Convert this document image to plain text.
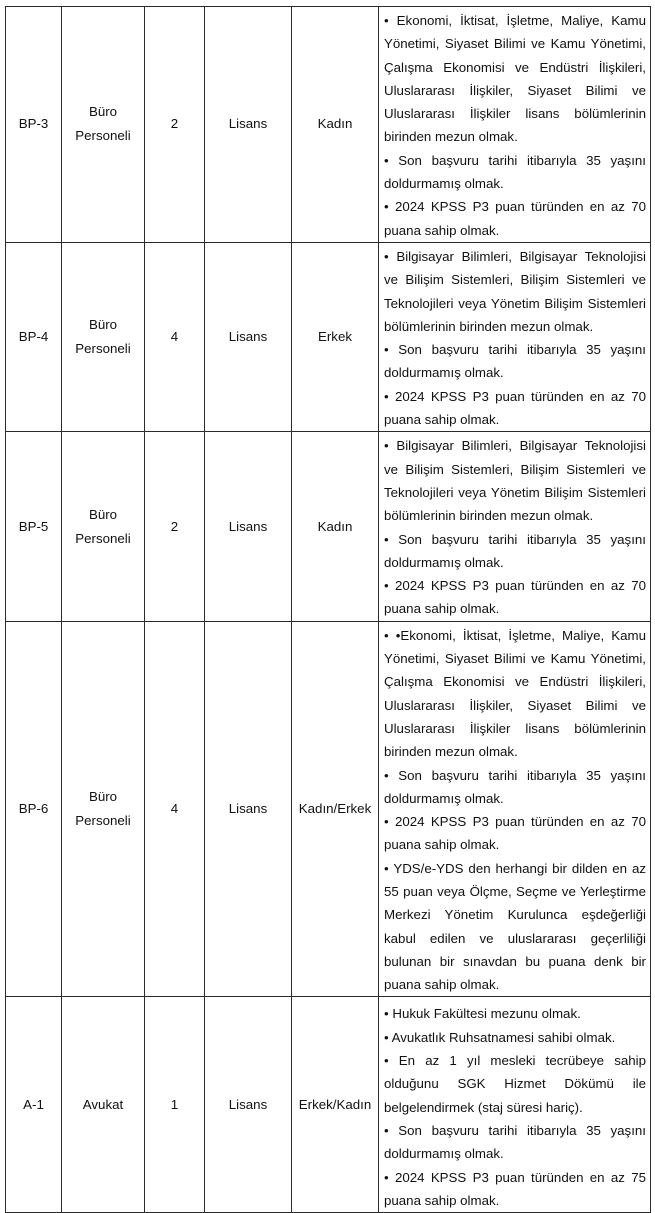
BP-3	Büro
Personeli	2	Lisans	Kadın	• Ekonomi, İktisat, İşletme, Maliye, Kamu Yönetimi, Siyaset Bilimi ve Kamu Yönetimi, Çalışma Ekonomisi ve Endüstri İlişkileri, Uluslararası İlişkiler, Siyaset Bilimi ve Uluslararası İlişkiler lisans bölümlerinin birinden mezun olmak.
• Son başvuru tarihi itibarıyla 35 yaşını doldurmamış olmak.
• 2024 KPSS P3 puan türünden en az 70 puana sahip olmak.

BP-4	Büro
Personeli	4	Lisans	Erkek	• Bilgisayar Bilimleri, Bilgisayar Teknolojisi ve Bilişim Sistemleri, Bilişim Sistemleri ve Teknolojileri veya Yönetim Bilişim Sistemleri bölümlerinin birinden mezun olmak.
• Son başvuru tarihi itibarıyla 35 yaşını doldurmamış olmak.
• 2024 KPSS P3 puan türünden en az 70 puana sahip olmak.

BP-5	Büro
Personeli	2	Lisans	Kadın	• Bilgisayar Bilimleri, Bilgisayar Teknolojisi ve Bilişim Sistemleri, Bilişim Sistemleri ve Teknolojileri veya Yönetim Bilişim Sistemleri bölümlerinin birinden mezun olmak.
• Son başvuru tarihi itibarıyla 35 yaşını doldurmamış olmak.
• 2024 KPSS P3 puan türünden en az 70 puana sahip olmak.

BP-6	Büro
Personeli	4	Lisans	Kadın/Erkek	• •Ekonomi, İktisat, İşletme, Maliye, Kamu Yönetimi, Siyaset Bilimi ve Kamu Yönetimi, Çalışma Ekonomisi ve Endüstri İlişkileri, Uluslararası İlişkiler, Siyaset Bilimi ve Uluslararası İlişkiler lisans bölümlerinin birinden mezun olmak.
• Son başvuru tarihi itibarıyla 35 yaşını doldurmamış olmak.
• 2024 KPSS P3 puan türünden en az 70 puana sahip olmak.
• YDS/e-YDS den herhangi bir dilden en az 55 puan veya Ölçme, Seçme ve Yerleştirme Merkezi Yönetim Kurulunca eşdeğerliği kabul edilen ve uluslararası geçerliliği bulunan bir sınavdan bu puana denk bir puana sahip olmak.

A-1	Avukat	1	Lisans	Erkek/Kadın	• Hukuk Fakültesi mezunu olmak.
• Avukatlık Ruhsatnamesi sahibi olmak.
• En az 1 yıl mesleki tecrübeye sahip olduğunu SGK Hizmet Dökümü ile belgelendirmek (staj süresi hariç).
• Son başvuru tarihi itibarıyla 35 yaşını doldurmamış olmak.
• 2024 KPSS P3 puan türünden en az 75 puana sahip olmak.
